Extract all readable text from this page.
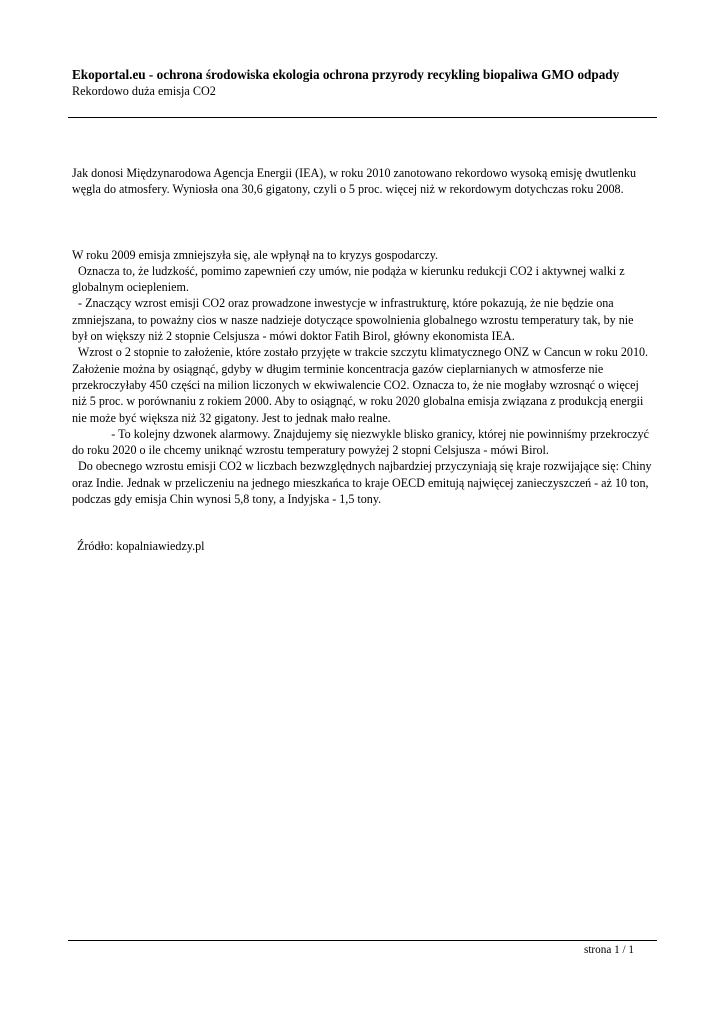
Ekoportal.eu - ochrona środowiska ekologia ochrona przyrody recykling biopaliwa GMO odpady
Rekordowo duża emisja CO2

Jak donosi Międzynarodowa Agencja Energii (IEA), w roku 2010 zanotowano rekordowo wysoką emisję dwutlenku
węgla do atmosfery. Wyniosła ona 30,6 gigatony, czyli o 5 proc. więcej niż w rekordowym dotychczas roku 2008.

W roku 2009 emisja zmniejszyła się, ale wpłynął na to kryzys gospodarczy.
Oznacza to, że ludzkość, pomimo zapewnień czy umów, nie podąża w kierunku redukcji CO2 i aktywnej walki z
globalnym ociepleniem.
- Znaczący wzrost emisji CO2 oraz prowadzone inwestycje w infrastrukturę, które pokazują, że nie będzie ona
zmniejszana, to poważny cios w nasze nadzieje dotyczące spowolnienia globalnego wzrostu temperatury tak, by nie
był on większy niż 2 stopnie Celsjusza - mówi doktor Fatih Birol, główny ekonomista IEA.
Wzrost o 2 stopnie to założenie, które zostało przyjęte w trakcie szczytu klimatycznego ONZ w Cancun w roku 2010.
Założenie można by osiągnąć, gdyby w długim terminie koncentracja gazów cieplarnianych w atmosferze nie
przekroczyłaby 450 części na milion liczonych w ekwiwalencie CO2. Oznacza to, że nie mogłaby wzrosnąć o więcej
niż 5 proc. w porównaniu z rokiem 2000. Aby to osiągnąć, w roku 2020 globalna emisja związana z produkcją energii
nie może być większa niż 32 gigatony. Jest to jednak mało realne.
- To kolejny dzwonek alarmowy. Znajdujemy się niezwykle blisko granicy, której nie powinniśmy przekroczyć
do roku 2020 o ile chcemy uniknąć wzrostu temperatury powyżej 2 stopni Celsjusza - mówi Birol.
Do obecnego wzrostu emisji CO2 w liczbach bezwzględnych najbardziej przyczyniają się kraje rozwijające się: Chiny
oraz Indie. Jednak w przeliczeniu na jednego mieszkańca to kraje OECD emitują najwięcej zanieczyszczeń - aż 10 ton,
podczas gdy emisja Chin wynosi 5,8 tony, a Indyjska - 1,5 tony.
Źródło: kopalniawiedzy.pl
strona 1 / 1
